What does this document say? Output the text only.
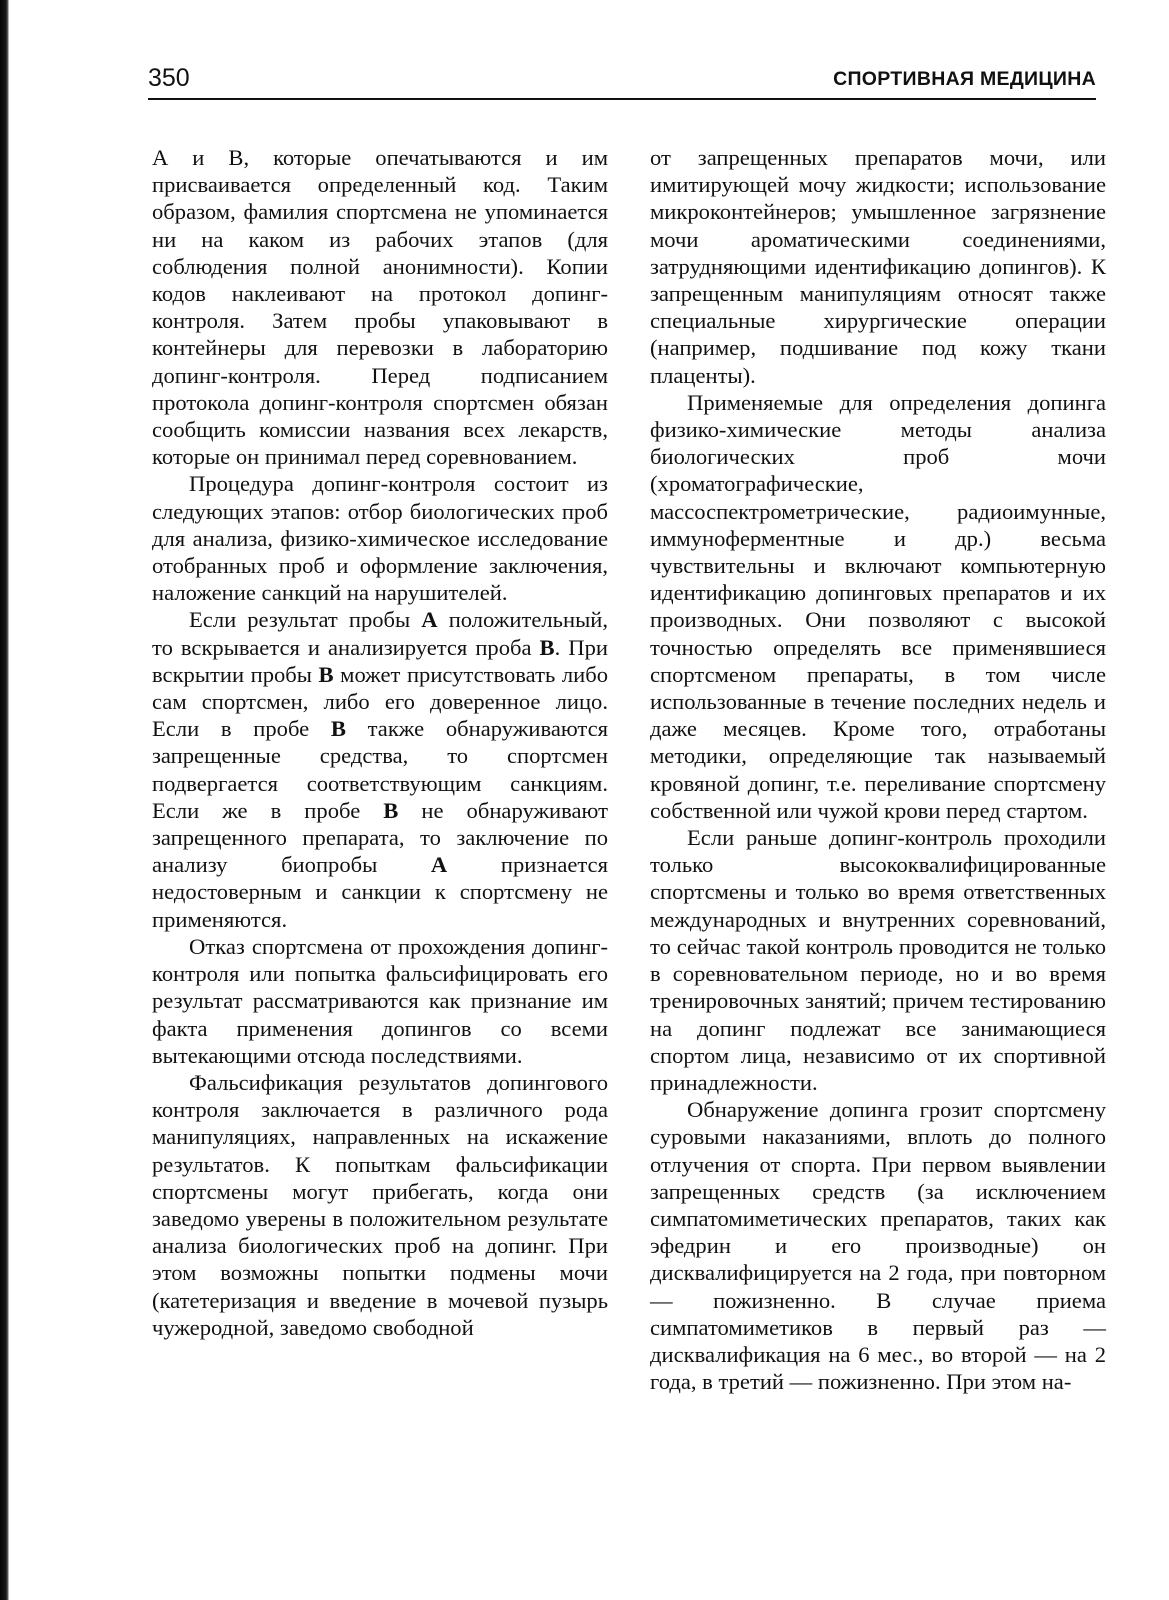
350	СПОРТИВНАЯ МЕДИЦИНА

А и В, которые опечатываются и им присваивается определенный код. Таким образом, фамилия спортсмена не упоминается ни на каком из рабочих этапов (для соблюдения полной анонимности). Копии кодов наклеивают на протокол допинг-контроля. Затем пробы упаковывают в контейнеры для перевозки в лабораторию допинг-контроля. Перед подписанием протокола допинг-контроля спортсмен обязан сообщить комиссии названия всех лекарств, которые он принимал перед соревнованием.

Процедура допинг-контроля состоит из следующих этапов: отбор биологических проб для анализа, физико-химическое исследование отобранных проб и оформление заключения, наложение санкций на нарушителей.

Если результат пробы А положительный, то вскрывается и анализируется проба В. При вскрытии пробы В может присутствовать либо сам спортсмен, либо его доверенное лицо. Если в пробе В также обнаруживаются запрещенные средства, то спортсмен подвергается соответствующим санкциям. Если же в пробе В не обнаруживают запрещенного препарата, то заключение по анализу биопробы А признается недостоверным и санкции к спортсмену не применяются.

Отказ спортсмена от прохождения допинг-контроля или попытка фальсифицировать его результат рассматриваются как признание им факта применения допингов со всеми вытекающими отсюда последствиями.

Фальсификация результатов допингового контроля заключается в различного рода манипуляциях, направленных на искажение результатов. К попыткам фальсификации спортсмены могут прибегать, когда они заведомо уверены в положительном результате анализа биологических проб на допинг. При этом возможны попытки подмены мочи (катетеризация и введение в мочевой пузырь чужеродной, заведомо свободной

от запрещенных препаратов мочи, или имитирующей мочу жидкости; использование микроконтейнеров; умышленное загрязнение мочи ароматическими соединениями, затрудняющими идентификацию допингов). К запрещенным манипуляциям относят также специальные хирургические операции (например, подшивание под кожу ткани плаценты).

Применяемые для определения допинга физико-химические методы анализа биологических проб мочи (хроматографические, массоспектрометрические, радиоимунные, иммуноферментные и др.) весьма чувствительны и включают компьютерную идентификацию допинговых препаратов и их производных. Они позволяют с высокой точностью определять все применявшиеся спортсменом препараты, в том числе использованные в течение последних недель и даже месяцев. Кроме того, отработаны методики, определяющие так называемый кровяной допинг, т.е. переливание спортсмену собственной или чужой крови перед стартом.

Если раньше допинг-контроль проходили только высококвалифицированные спортсмены и только во время ответственных международных и внутренних соревнований, то сейчас такой контроль проводится не только в соревновательном периоде, но и во время тренировочных занятий; причем тестированию на допинг подлежат все занимающиеся спортом лица, независимо от их спортивной принадлежности.

Обнаружение допинга грозит спортсмену суровыми наказаниями, вплоть до полного отлучения от спорта. При первом выявлении запрещенных средств (за исключением симпатомиметических препаратов, таких как эфедрин и его производные) он дисквалифицируется на 2 года, при повторном — пожизненно. В случае приема симпатомиметиков в первый раз — дисквалификация на 6 мес., во второй — на 2 года, в третий — пожизненно. При этом на-
